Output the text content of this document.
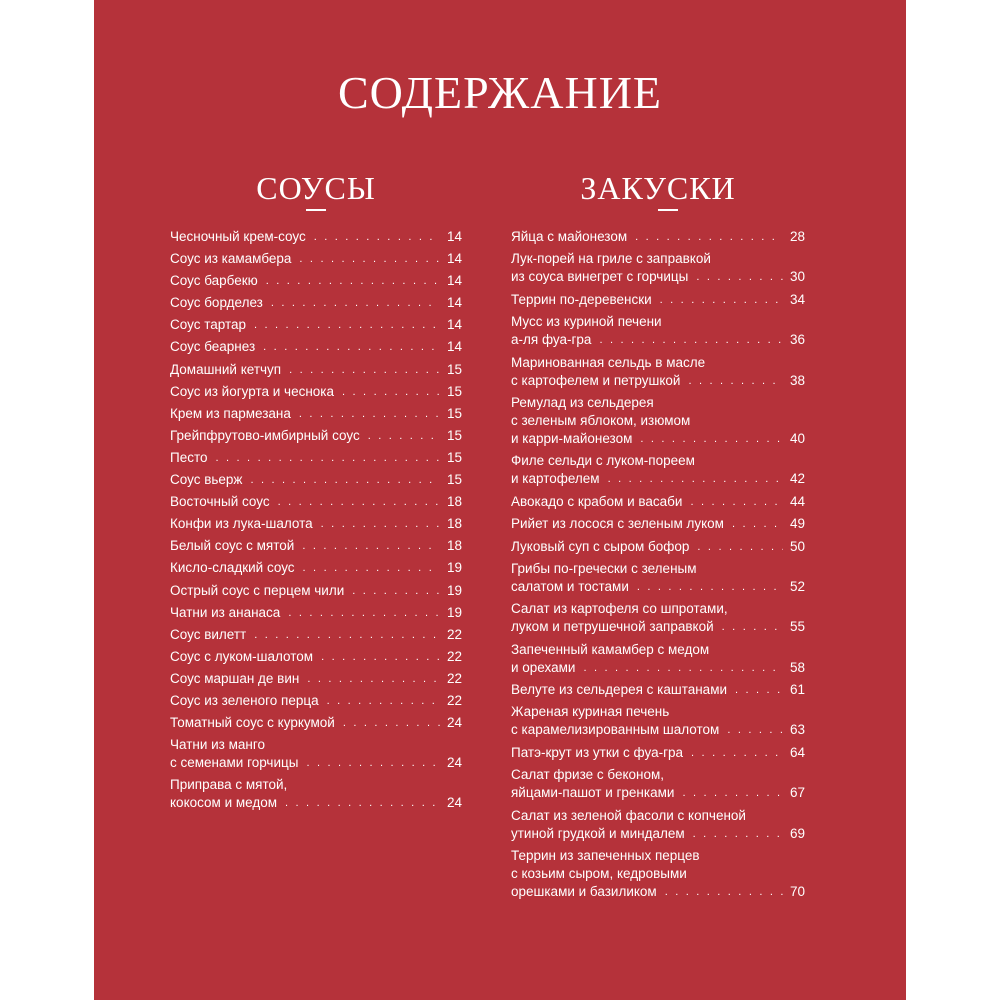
СОДЕРЖАНИЕ
СОУСЫ	ЗАКУСКИ
Чесночный крем-соус . . .	14
Соус из камамбера . . .	14
Соус барбекю . . .	14
Соус борделез . . .	14
Соус тартар . . .	14
Соус беарнез . . .	14
Домашний кетчуп . . .	15
Соус из йогурта и чеснока . . .	15
Крем из пармезана . . .	15
Грейпфрутово-имбирный соус . . .	15
Песто . . .	15
Соус вьерж . . .	15
Восточный соус . . .	18
Конфи из лука-шалота . . .	18
Белый соус с мятой . . .	18
Кисло-сладкий соус . . .	19
Острый соус с перцем чили . . .	19
Чатни из ананаса . . .	19
Соус вилетт . . .	22
Соус с луком-шалотом . . .	22
Соус маршан де вин . . .	22
Соус из зеленого перца . . .	22
Томатный соус с куркумой . . .	24
Чатни из манго
с семенами горчицы . . .	24
Приправа с мятой,
кокосом и медом . . .	24
Яйца с майонезом . . .	28
Лук-порей на гриле с заправкой
из соуса винегрет с горчицы . . .	30
Террин по-деревенски . . .	34
Мусс из куриной печени
а-ля фуа-гра . . .	36
Маринованная сельдь в масле
с картофелем и петрушкой . . .	38
Ремулад из сельдерея
с зеленым яблоком, изюмом
и карри-майонезом . . .	40
Филе сельди с луком-пореем
и картофелем . . .	42
Авокадо с крабом и васаби . . .	44
Рийет из лосося с зеленым луком . . .	49
Луковый суп с сыром бофор . . .	50
Грибы по-гречески с зеленым
салатом и тостами . . .	52
Салат из картофеля со шпротами,
луком и петрушечной заправкой . . .	55
Запеченный камамбер с медом
и орехами . . .	58
Велуте из сельдерея с каштанами . . .	61
Жареная куриная печень
с карамелизированным шалотом . . .	63
Патэ-крут из утки с фуа-гра . . .	64
Салат фризе с беконом,
яйцами-пашот и гренками . . .	67
Салат из зеленой фасоли с копченой
утиной грудкой и миндалем . . .	69
Террин из запеченных перцев
с козьим сыром, кедровыми
орешками и базиликом . . .	70
